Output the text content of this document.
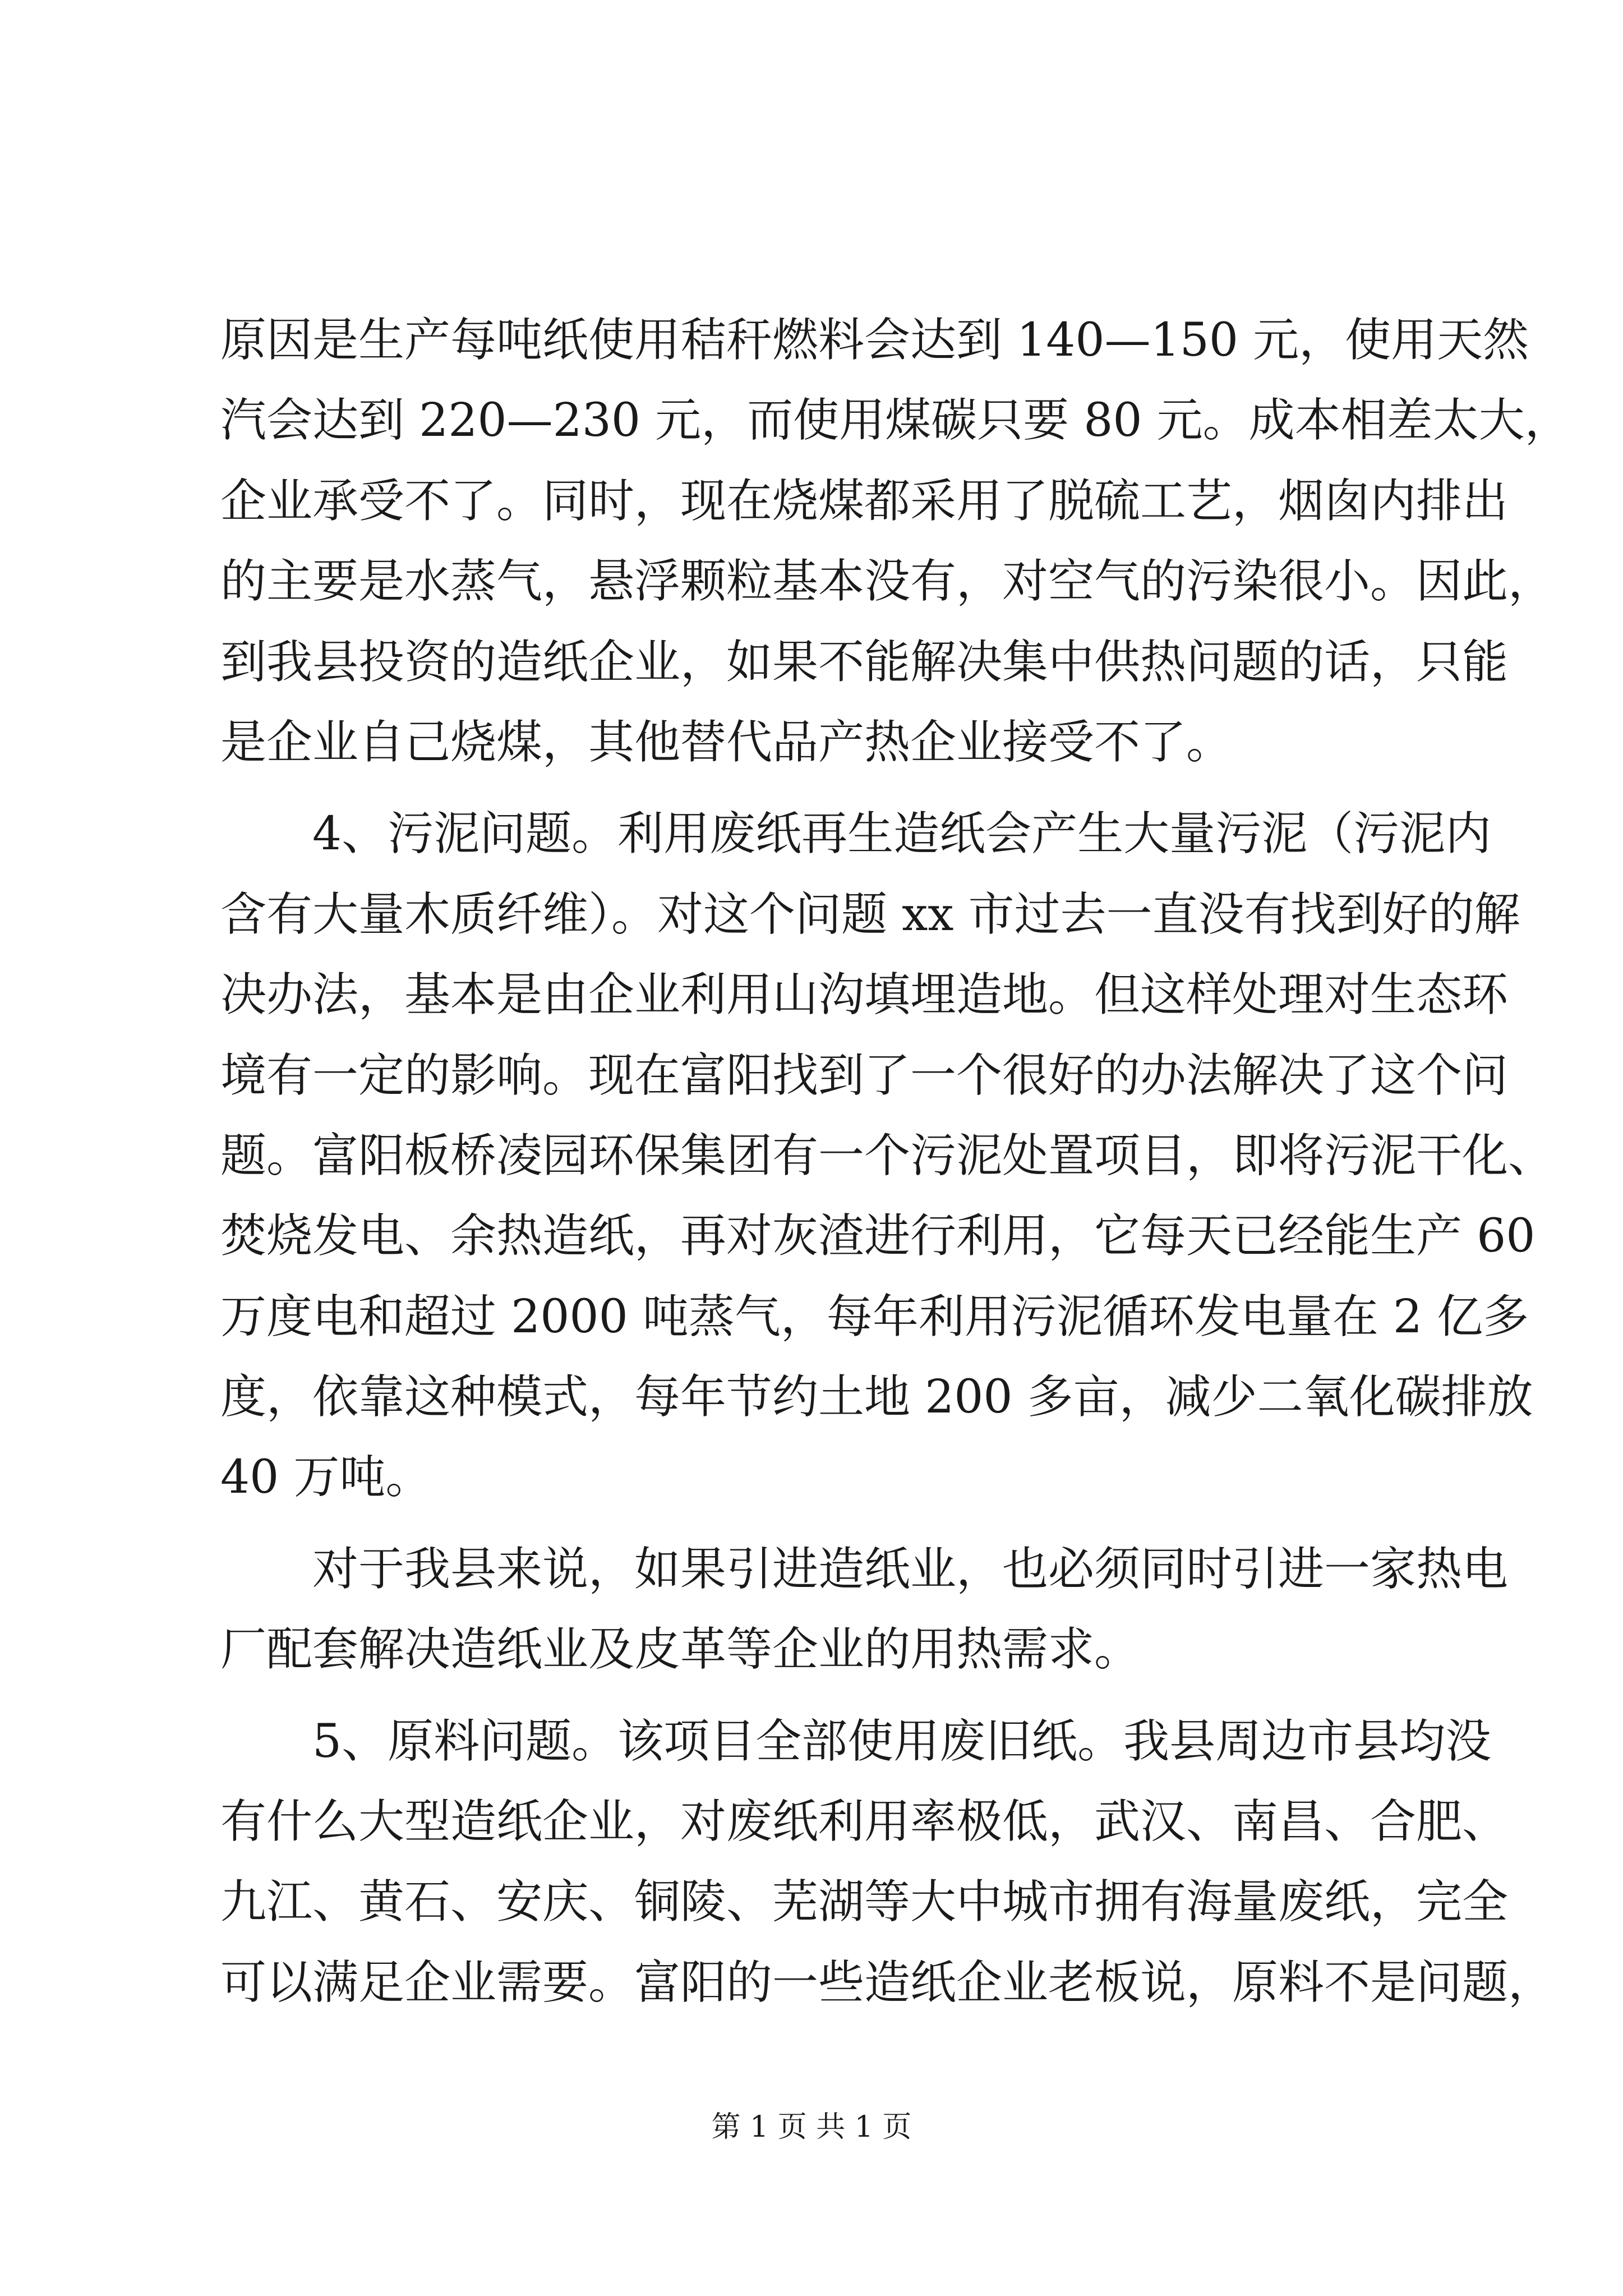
原因是生产每吨纸使用秸秆燃料会达到 140—150 元，使用天然
汽会达到 220—230 元，而使用煤碳只要 80 元。成本相差太大，
企业承受不了。同时，现在烧煤都采用了脱硫工艺，烟囱内排出
的主要是水蒸气，悬浮颗粒基本没有，对空气的污染很小。因此，
到我县投资的造纸企业，如果不能解决集中供热问题的话，只能
是企业自己烧煤，其他替代品产热企业接受不了。
　　4、污泥问题。利用废纸再生造纸会产生大量污泥（污泥内
含有大量木质纤维）。对这个问题 xx 市过去一直没有找到好的解
决办法，基本是由企业利用山沟填埋造地。但这样处理对生态环
境有一定的影响。现在富阳找到了一个很好的办法解决了这个问
题。富阳板桥凌园环保集团有一个污泥处置项目，即将污泥干化、
焚烧发电、余热造纸，再对灰渣进行利用，它每天已经能生产 60
万度电和超过 2000 吨蒸气，每年利用污泥循环发电量在 2 亿多
度，依靠这种模式，每年节约土地 200 多亩，减少二氧化碳排放
40 万吨。
　　对于我县来说，如果引进造纸业，也必须同时引进一家热电
厂配套解决造纸业及皮革等企业的用热需求。
　　5、原料问题。该项目全部使用废旧纸。我县周边市县均没
有什么大型造纸企业，对废纸利用率极低，武汉、南昌、合肥、
九江、黄石、安庆、铜陵、芜湖等大中城市拥有海量废纸，完全
可以满足企业需要。富阳的一些造纸企业老板说，原料不是问题，
第 1 页 共 1 页
